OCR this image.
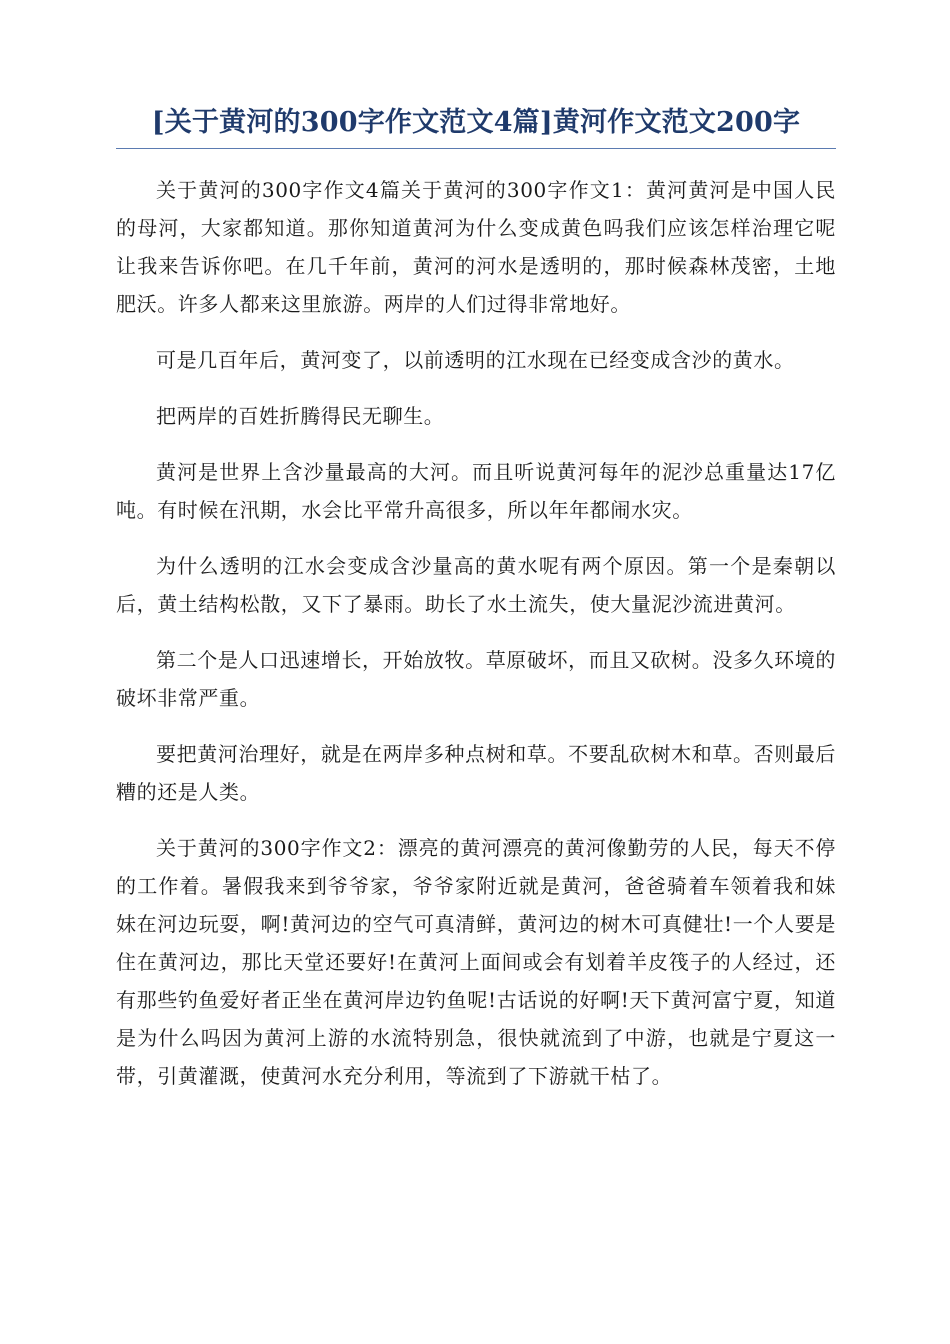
[关于黄河的300字作文范文4篇]黄河作文范文200字

关于黄河的300字作文4篇关于黄河的300字作文1：黄河黄河是中国人民的母河，大家都知道。那你知道黄河为什么变成黄色吗我们应该怎样治理它呢让我来告诉你吧。在几千年前，黄河的河水是透明的，那时候森林茂密，土地肥沃。许多人都来这里旅游。两岸的人们过得非常地好。

可是几百年后，黄河变了，以前透明的江水现在已经变成含沙的黄水。

把两岸的百姓折腾得民无聊生。

黄河是世界上含沙量最高的大河。而且听说黄河每年的泥沙总重量达17亿吨。有时候在汛期，水会比平常升高很多，所以年年都闹水灾。

为什么透明的江水会变成含沙量高的黄水呢有两个原因。第一个是秦朝以后，黄土结构松散，又下了暴雨。助长了水土流失，使大量泥沙流进黄河。

第二个是人口迅速增长，开始放牧。草原破坏，而且又砍树。没多久环境的破坏非常严重。

要把黄河治理好，就是在两岸多种点树和草。不要乱砍树木和草。否则最后糟的还是人类。

关于黄河的300字作文2：漂亮的黄河漂亮的黄河像勤劳的人民，每天不停的工作着。暑假我来到爷爷家，爷爷家附近就是黄河，爸爸骑着车领着我和妹妹在河边玩耍，啊!黄河边的空气可真清鲜，黄河边的树木可真健壮!一个人要是住在黄河边，那比天堂还要好!在黄河上面间或会有划着羊皮筏子的人经过，还有那些钓鱼爱好者正坐在黄河岸边钓鱼呢!古话说的好啊!天下黄河富宁夏，知道是为什么吗因为黄河上游的水流特别急，很快就流到了中游，也就是宁夏这一带，引黄灌溉，使黄河水充分利用，等流到了下游就干枯了。
